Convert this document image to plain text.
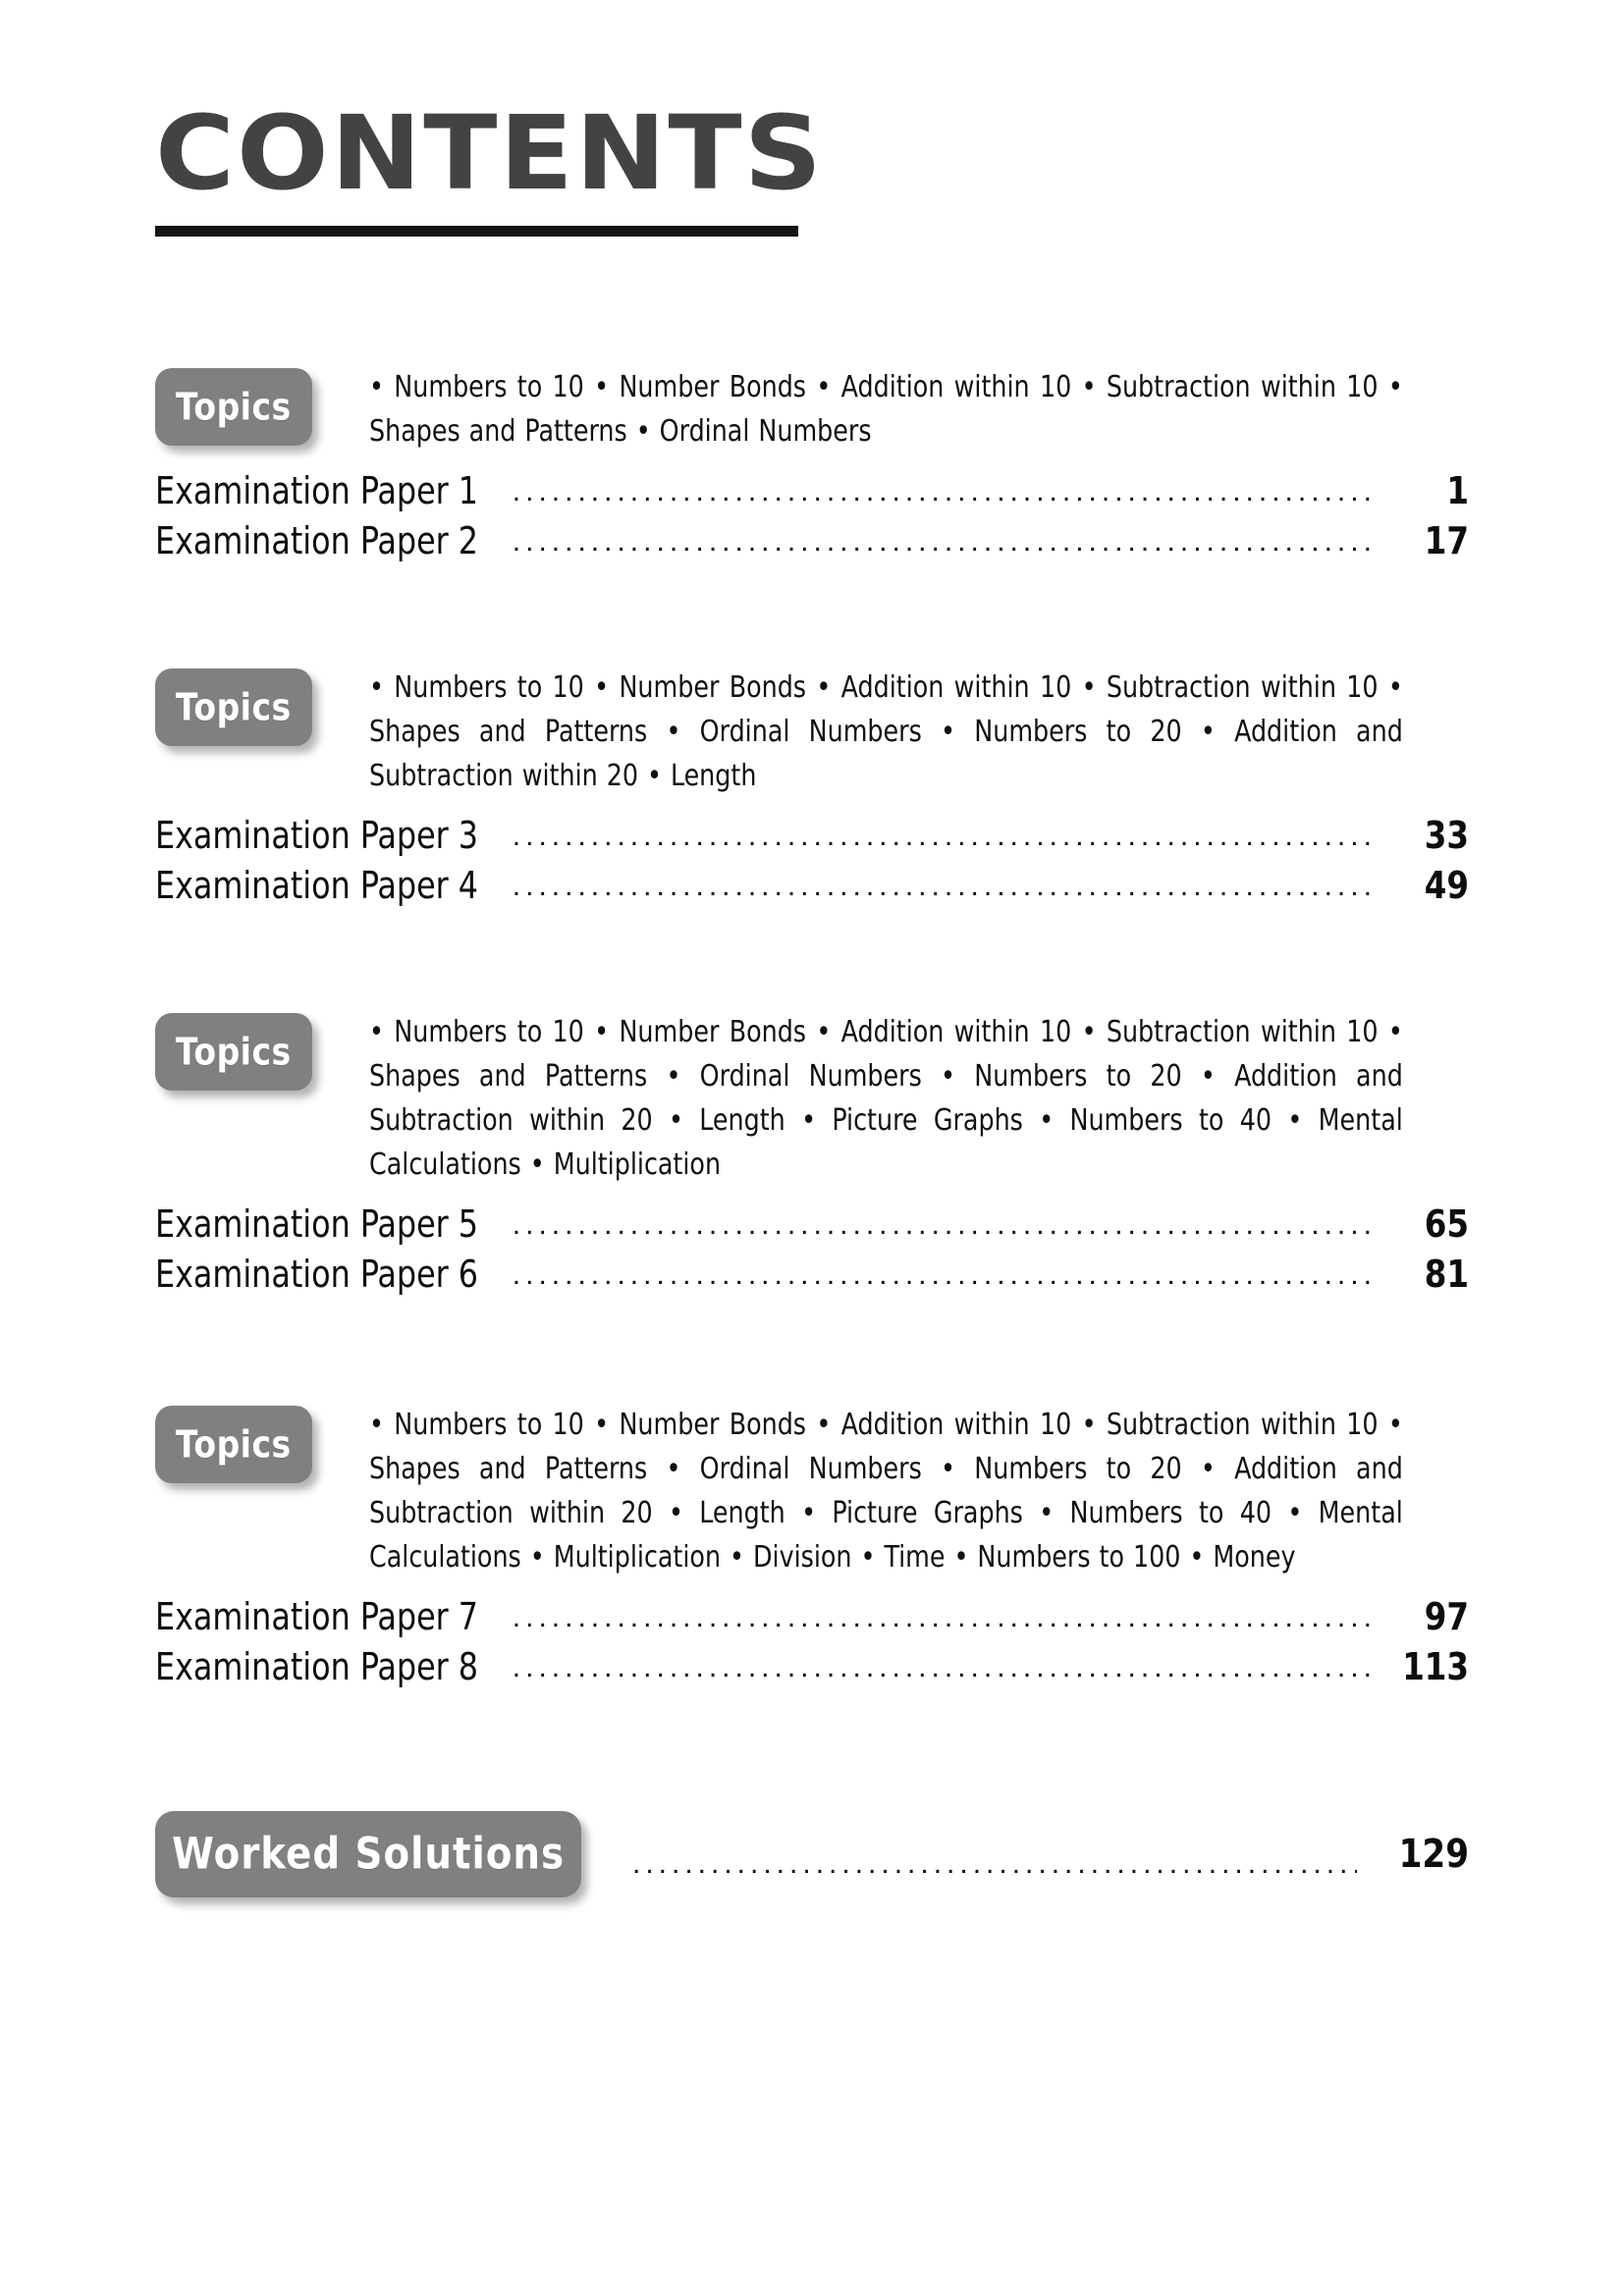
CONTENTS
Topics	• Numbers to 10 • Number Bonds • Addition within 10 • Subtraction within 10 • Shapes and Patterns • Ordinal Numbers
Examination Paper 1 .....	1
Examination Paper 2 .....	17
Topics	• Numbers to 10 • Number Bonds • Addition within 10 • Subtraction within 10 • Shapes and Patterns • Ordinal Numbers • Numbers to 20 • Addition and Subtraction within 20 • Length
Examination Paper 3 .....	33
Examination Paper 4 .....	49
Topics	• Numbers to 10 • Number Bonds • Addition within 10 • Subtraction within 10 • Shapes and Patterns • Ordinal Numbers • Numbers to 20 • Addition and Subtraction within 20 • Length • Picture Graphs • Numbers to 40 • Mental Calculations • Multiplication
Examination Paper 5 .....	65
Examination Paper 6 .....	81
Topics	• Numbers to 10 • Number Bonds • Addition within 10 • Subtraction within 10 • Shapes and Patterns • Ordinal Numbers • Numbers to 20 • Addition and Subtraction within 20 • Length • Picture Graphs • Numbers to 40 • Mental Calculations • Multiplication • Division • Time • Numbers to 100 • Money
Examination Paper 7 .....	97
Examination Paper 8 .....	113
Worked Solutions .....	129
